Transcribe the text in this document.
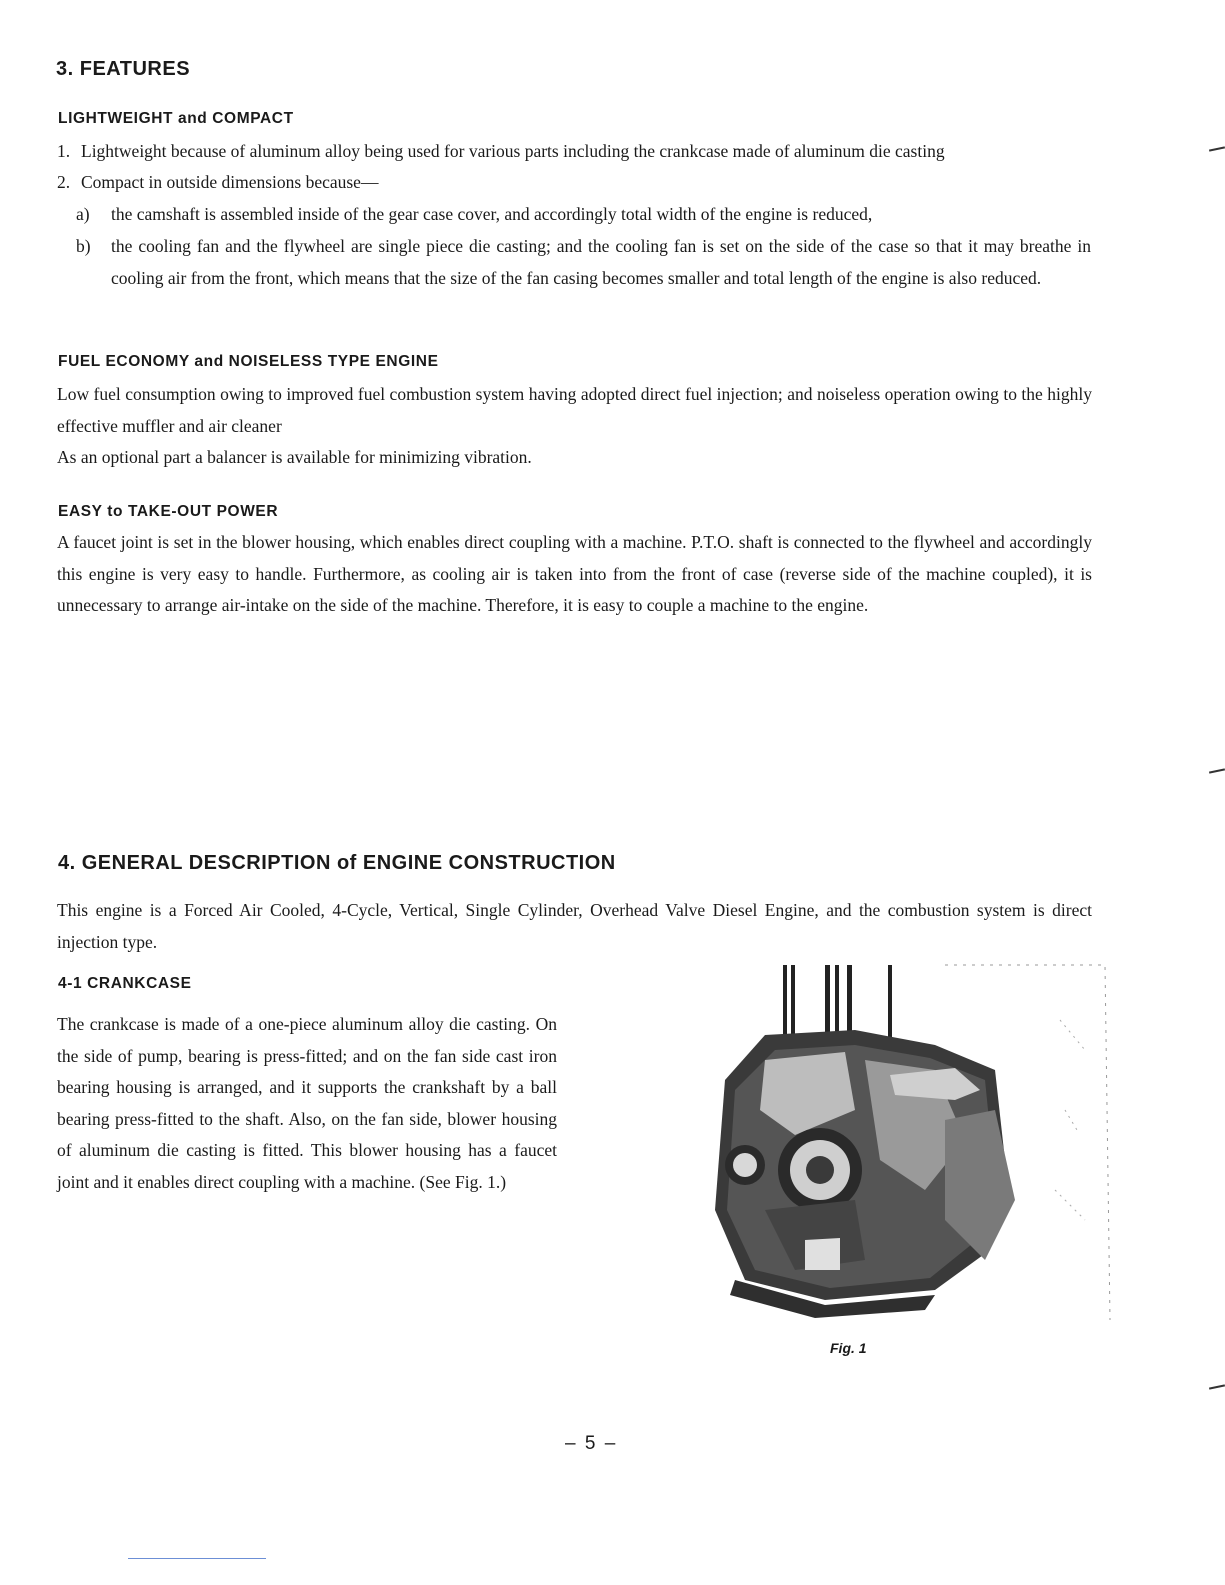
3. FEATURES
LIGHTWEIGHT and COMPACT
1. Lightweight because of aluminum alloy being used for various parts including the crankcase made of aluminum die casting
2. Compact in outside dimensions because—
a) the camshaft is assembled inside of the gear case cover, and accordingly total width of the engine is reduced,
b) the cooling fan and the flywheel are single piece die casting; and the cooling fan is set on the side of the case so that it may breathe in cooling air from the front, which means that the size of the fan casing becomes smaller and total length of the engine is also reduced.
FUEL ECONOMY and NOISELESS TYPE ENGINE

Low fuel consumption owing to improved fuel combustion system having adopted direct fuel injection; and noiseless operation owing to the highly effective muffler and air cleaner

As an optional part a balancer is available for minimizing vibration.

EASY to TAKE-OUT POWER

A faucet joint is set in the blower housing, which enables direct coupling with a machine. P.T.O. shaft is connected to the flywheel and accordingly this engine is very easy to handle. Furthermore, as cooling air is taken into from the front of case (reverse side of the machine coupled), it is unnecessary to arrange air-intake on the side of the machine. Therefore, it is easy to couple a machine to the engine.

4. GENERAL DESCRIPTION of ENGINE CONSTRUCTION

This engine is a Forced Air Cooled, 4-Cycle, Vertical, Single Cylinder, Overhead Valve Diesel Engine, and the combustion system is direct injection type.

4-1 CRANKCASE

The crankcase is made of a one-piece aluminum alloy die casting. On the side of pump, bearing is press-fitted; and on the fan side cast iron bearing housing is arranged, and it supports the crankshaft by a ball bearing press-fitted to the shaft. Also, on the fan side, blower housing of aluminum die casting is fitted. This blower housing has a faucet joint and it enables direct coupling with a machine. (See Fig. 1.)

Fig. 1
– 5 –
